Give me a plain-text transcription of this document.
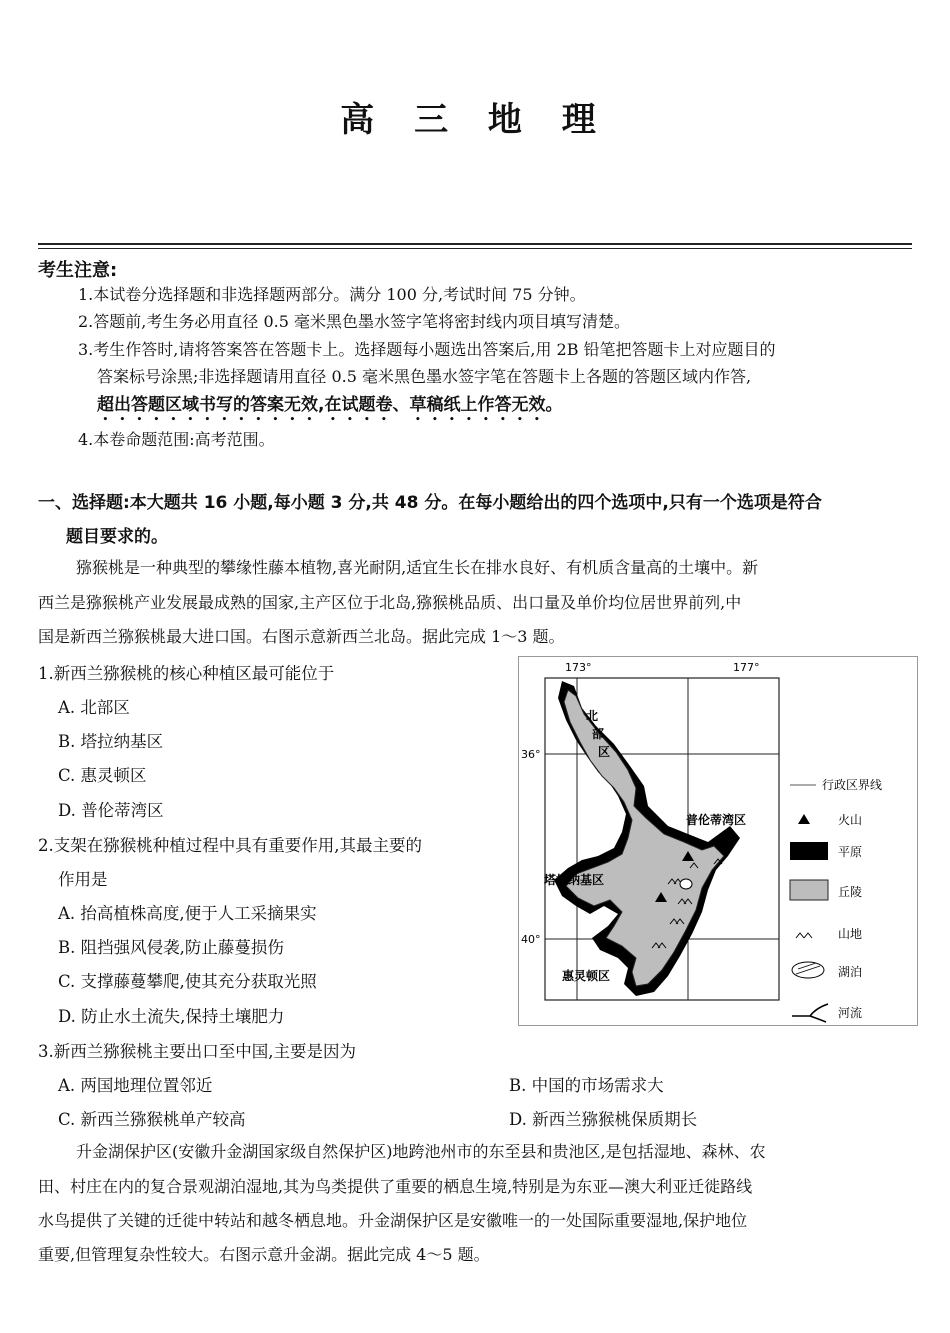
高 三 地 理
考生注意:
1.本试卷分选择题和非选择题两部分。满分 100 分,考试时间 75 分钟。
2.答题前,考生务必用直径 0.5 毫米黑色墨水签字笔将密封线内项目填写清楚。
3.考生作答时,请将答案答在答题卡上。选择题每小题选出答案后,用 2B 铅笔把答题卡上对应题目的
答案标号涂黑;非选择题请用直径 0.5 毫米黑色墨水签字笔在答题卡上各题的答题区域内作答,
超出答题区域书写的答案无效,在试题卷、草稿纸上作答无效。
4.本卷命题范围:高考范围。
一、选择题:本大题共 16 小题,每小题 3 分,共 48 分。在每小题给出的四个选项中,只有一个选项是符合
题目要求的。
猕猴桃是一种典型的攀缘性藤本植物,喜光耐阴,适宜生长在排水良好、有机质含量高的土壤中。新
西兰是猕猴桃产业发展最成熟的国家,主产区位于北岛,猕猴桃品质、出口量及单价均位居世界前列,中
国是新西兰猕猴桃最大进口国。右图示意新西兰北岛。据此完成 1～3 题。
1.新西兰猕猴桃的核心种植区最可能位于
A. 北部区
B. 塔拉纳基区
C. 惠灵顿区
D. 普伦蒂湾区
2.支架在猕猴桃种植过程中具有重要作用,其最主要的
作用是
A. 抬高植株高度,便于人工采摘果实
B. 阻挡强风侵袭,防止藤蔓损伤
C. 支撑藤蔓攀爬,使其充分获取光照
D. 防止水土流失,保持土壤肥力
3.新西兰猕猴桃主要出口至中国,主要是因为
A. 两国地理位置邻近	B. 中国的市场需求大
C. 新西兰猕猴桃单产较高	D. 新西兰猕猴桃保质期长
升金湖保护区(安徽升金湖国家级自然保护区)地跨池州市的东至县和贵池区,是包括湿地、森林、农
田、村庄在内的复合景观湖泊湿地,其为鸟类提供了重要的栖息生境,特别是为东亚—澳大利亚迁徙路线
水鸟提供了关键的迁徙中转站和越冬栖息地。升金湖保护区是安徽唯一的一处国际重要湿地,保护地位
重要,但管理复杂性较大。右图示意升金湖。据此完成 4～5 题。
173°	177°
36°
40°
北
部
区
普伦蒂湾区
塔拉纳基区
惠灵顿区
行政区界线
火山
平原
丘陵
山地
湖泊
河流
